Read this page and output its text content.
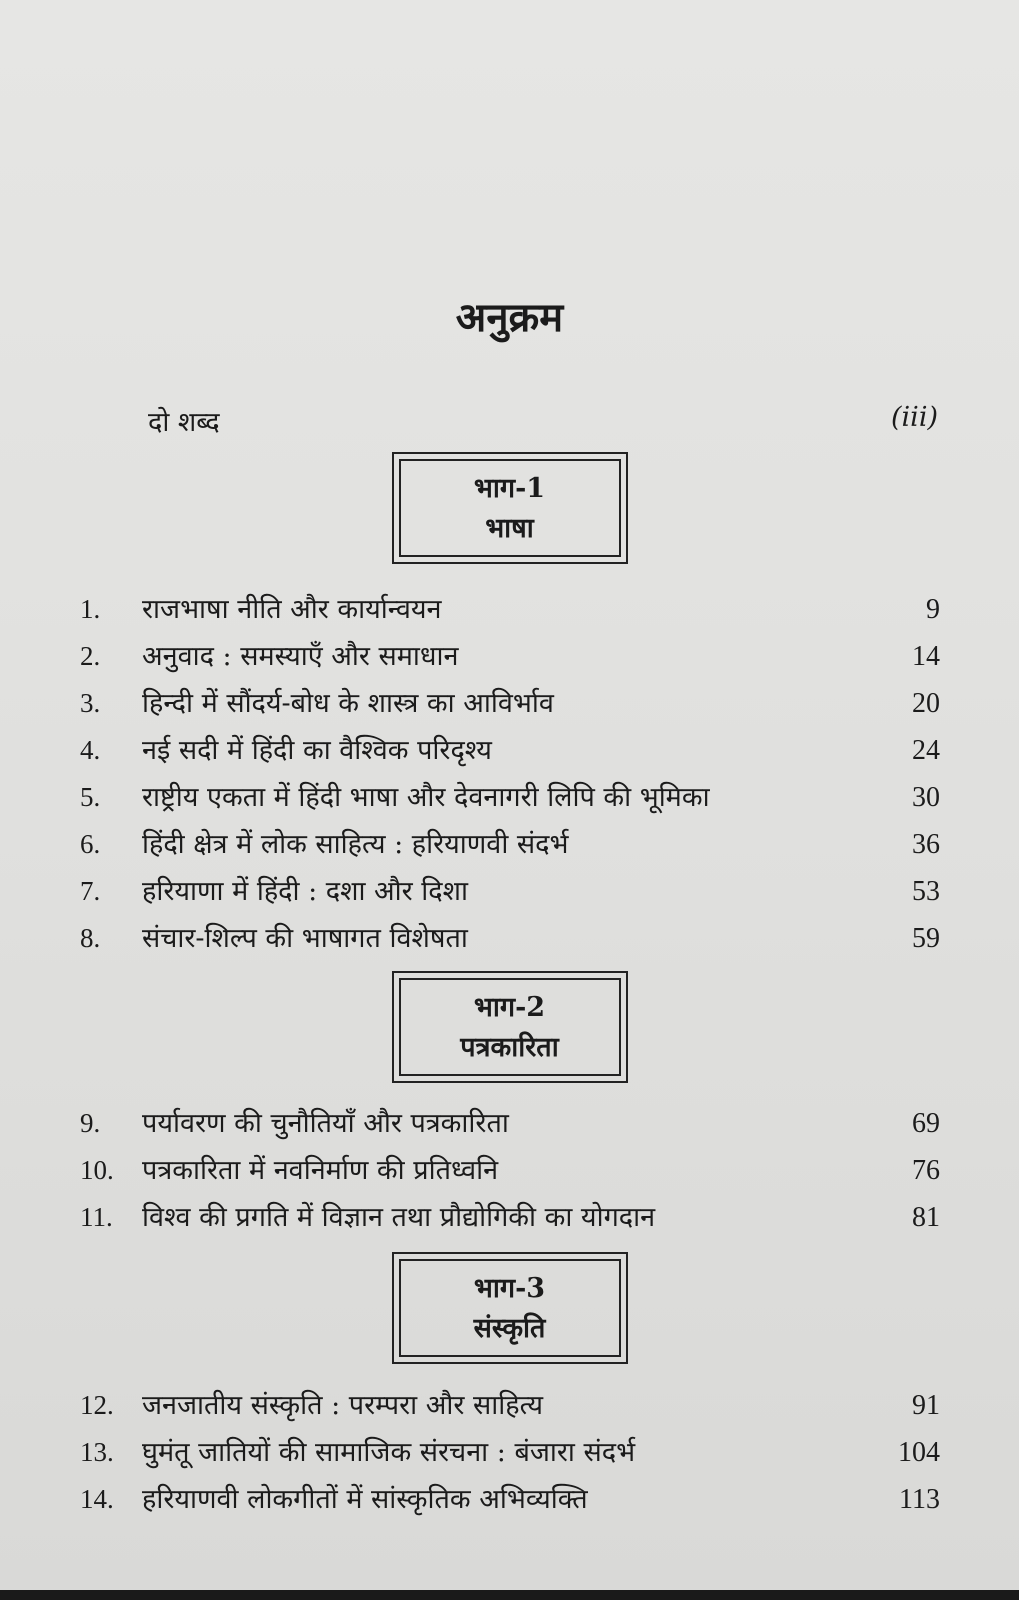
अनुक्रम
दो शब्द	(iii)
भाग-1
भाषा
1.	राजभाषा नीति और कार्यान्वयन	9
2.	अनुवाद : समस्याएँ और समाधान	14
3.	हिन्दी में सौंदर्य-बोध के शास्त्र का आविर्भाव	20
4.	नई सदी में हिंदी का वैश्विक परिदृश्य	24
5.	राष्ट्रीय एकता में हिंदी भाषा और देवनागरी लिपि की भूमिका	30
6.	हिंदी क्षेत्र में लोक साहित्य : हरियाणवी संदर्भ	36
7.	हरियाणा में हिंदी : दशा और दिशा	53
8.	संचार-शिल्प की भाषागत विशेषता	59
भाग-2
पत्रकारिता
9.	पर्यावरण की चुनौतियाँ और पत्रकारिता	69
10.	पत्रकारिता में नवनिर्माण की प्रतिध्वनि	76
11.	विश्व की प्रगति में विज्ञान तथा प्रौद्योगिकी का योगदान	81
भाग-3
संस्कृति
12.	जनजातीय संस्कृति : परम्परा और साहित्य	91
13.	घुमंतू जातियों की सामाजिक संरचना : बंजारा संदर्भ	104
14.	हरियाणवी लोकगीतों में सांस्कृतिक अभिव्यक्ति	113
